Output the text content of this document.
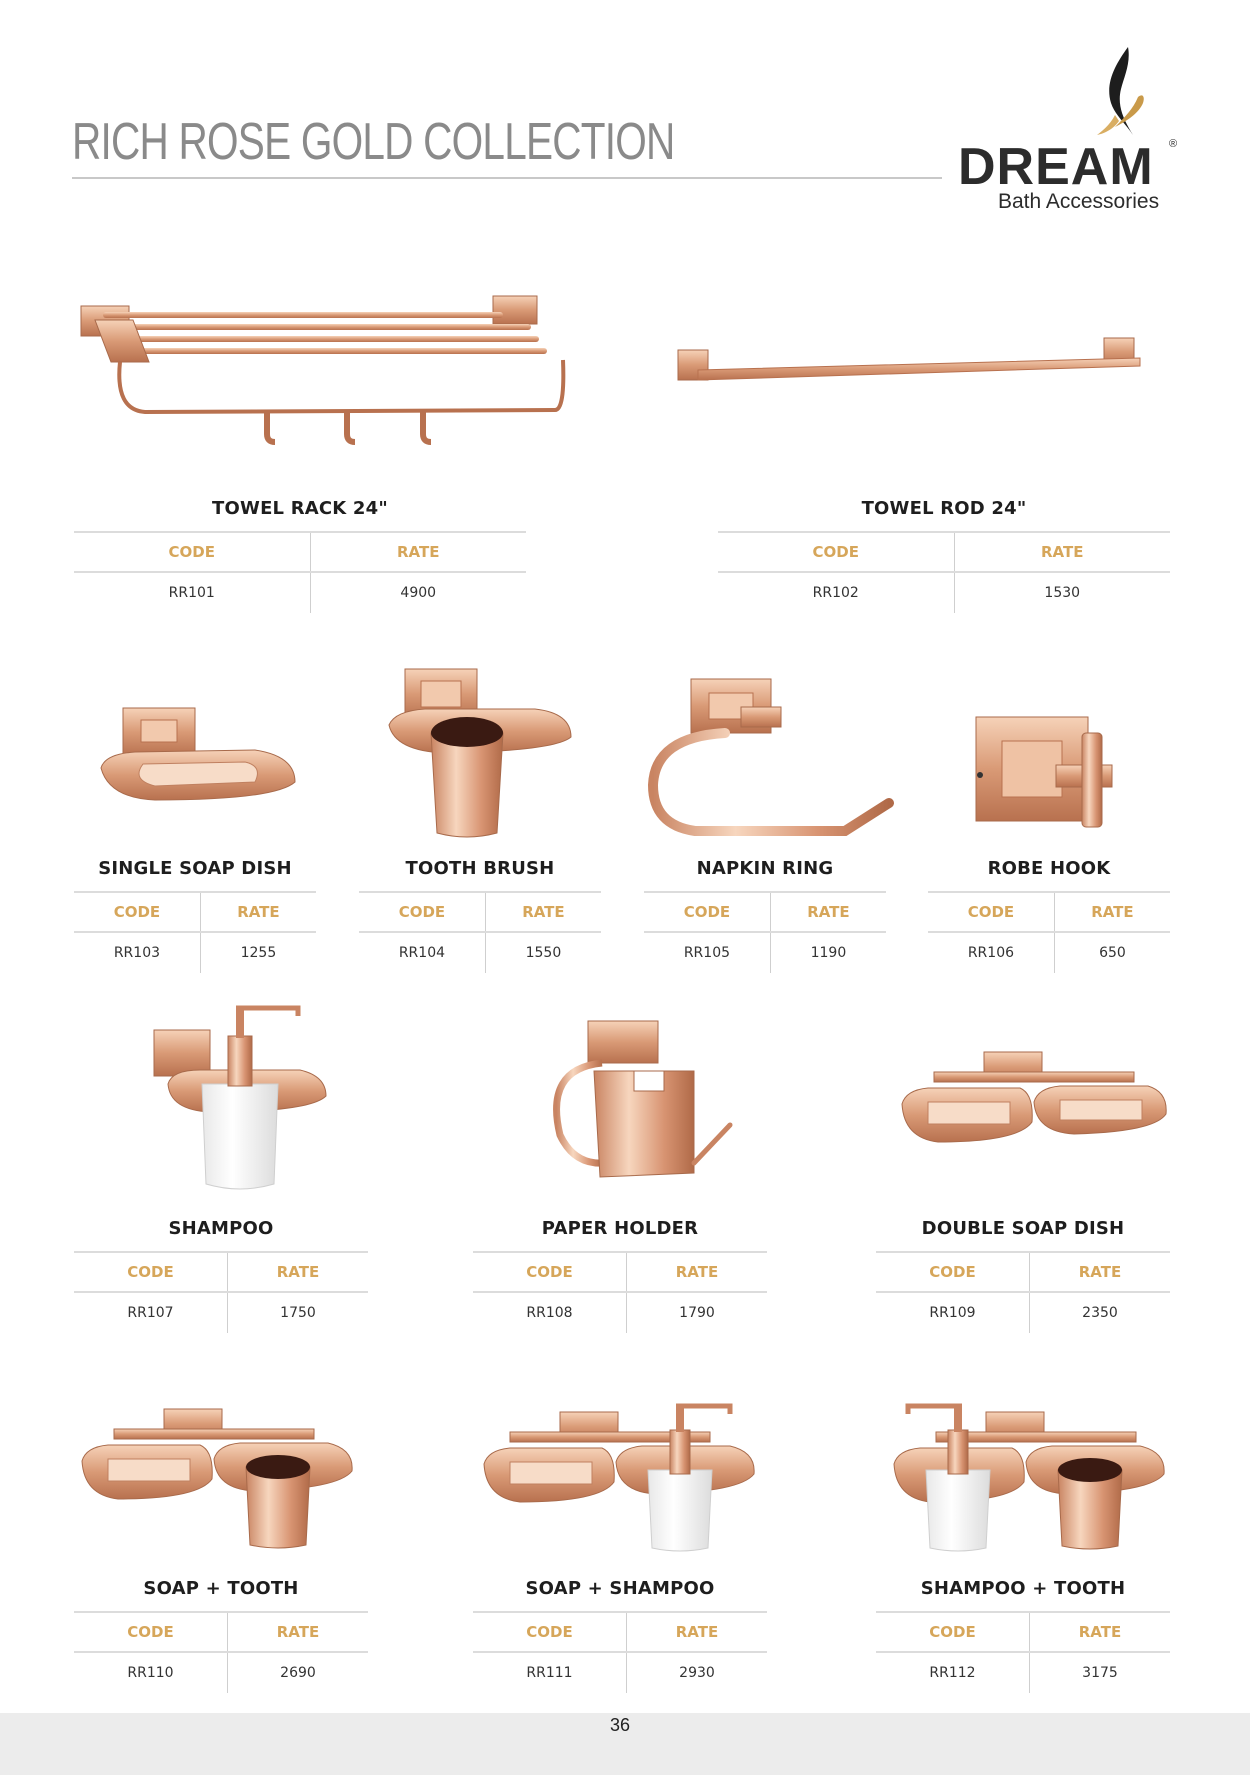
RICH ROSE GOLD COLLECTION	DREAM ®
Bath Accessories
TOWEL RACK 24"
CODE	RATE
RR101	4900
TOWEL ROD 24"
CODE	RATE
RR102	1530
SINGLE SOAP DISH
CODE	RATE
RR103	1255
TOOTH BRUSH
CODE	RATE
RR104	1550
NAPKIN RING
CODE	RATE
RR105	1190
ROBE HOOK
CODE	RATE
RR106	650
SHAMPOO
CODE	RATE
RR107	1750
PAPER HOLDER
CODE	RATE
RR108	1790
DOUBLE SOAP DISH
CODE	RATE
RR109	2350
SOAP + TOOTH
CODE	RATE
RR110	2690
SOAP + SHAMPOO
CODE	RATE
RR111	2930
SHAMPOO + TOOTH
CODE	RATE
RR112	3175
36
